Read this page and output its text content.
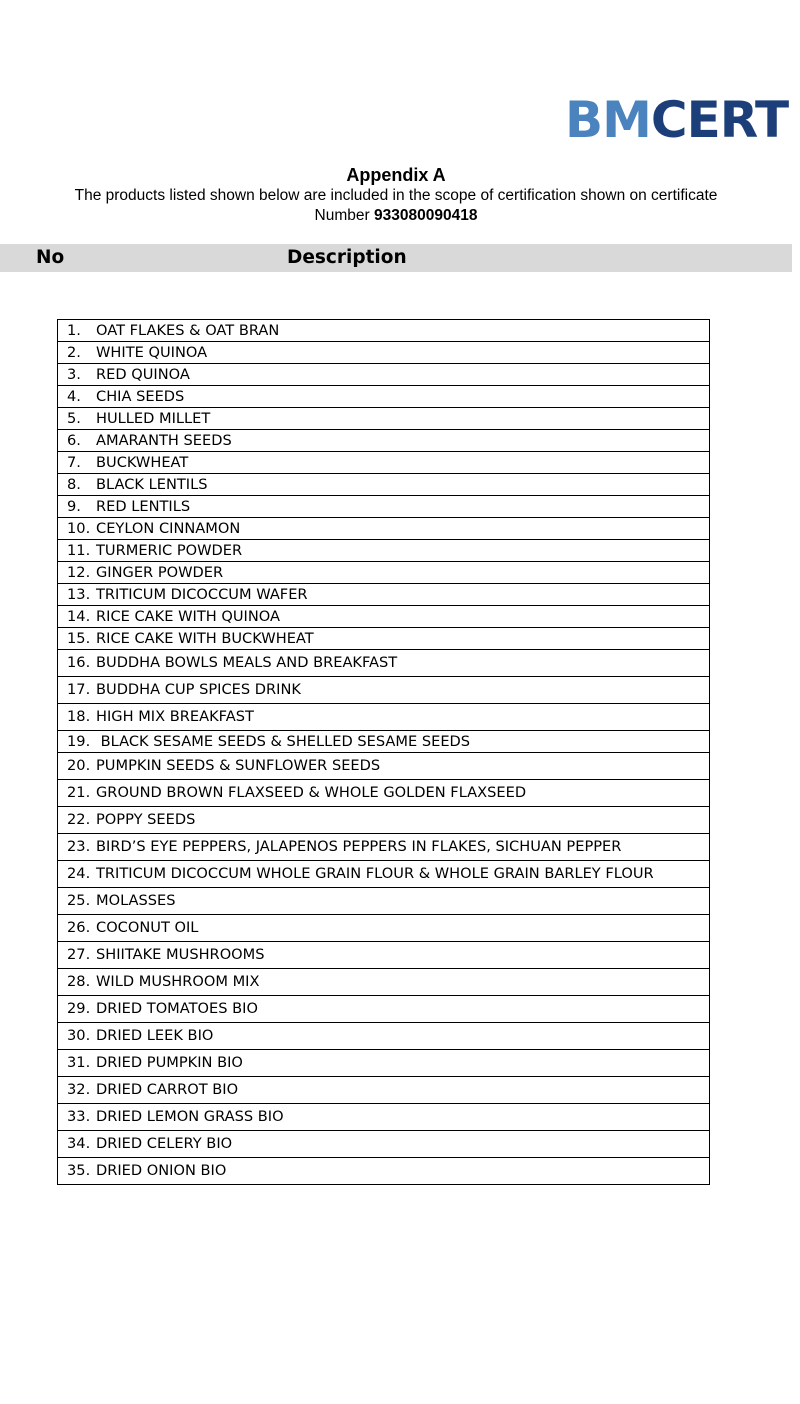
BMCERT
Appendix A
The products listed shown below are included in the scope of certification shown on certificate
Number 933080090418
No	Description
1. OAT FLAKES & OAT BRAN
2. WHITE QUINOA
3. RED QUINOA
4. CHIA SEEDS
5. HULLED MILLET
6. AMARANTH SEEDS
7. BUCKWHEAT
8. BLACK LENTILS
9. RED LENTILS
10. CEYLON CINNAMON
11. TURMERIC POWDER
12. GINGER POWDER
13. TRITICUM DICOCCUM WAFER
14. RICE CAKE WITH QUINOA
15. RICE CAKE WITH BUCKWHEAT
16. BUDDHA BOWLS MEALS AND BREAKFAST
17. BUDDHA CUP SPICES DRINK
18. HIGH MIX BREAKFAST
19. BLACK SESAME SEEDS & SHELLED SESAME SEEDS
20. PUMPKIN SEEDS & SUNFLOWER SEEDS
21. GROUND BROWN FLAXSEED & WHOLE GOLDEN FLAXSEED
22. POPPY SEEDS
23. BIRD’S EYE PEPPERS, JALAPENOS PEPPERS IN FLAKES, SICHUAN PEPPER
24. TRITICUM DICOCCUM WHOLE GRAIN FLOUR & WHOLE GRAIN BARLEY FLOUR
25. MOLASSES
26. COCONUT OIL
27. SHIITAKE MUSHROOMS
28. WILD MUSHROOM MIX
29. DRIED TOMATOES BIO
30. DRIED LEEK BIO
31. DRIED PUMPKIN BIO
32. DRIED CARROT BIO
33. DRIED LEMON GRASS BIO
34. DRIED CELERY BIO
35. DRIED ONION BIO
